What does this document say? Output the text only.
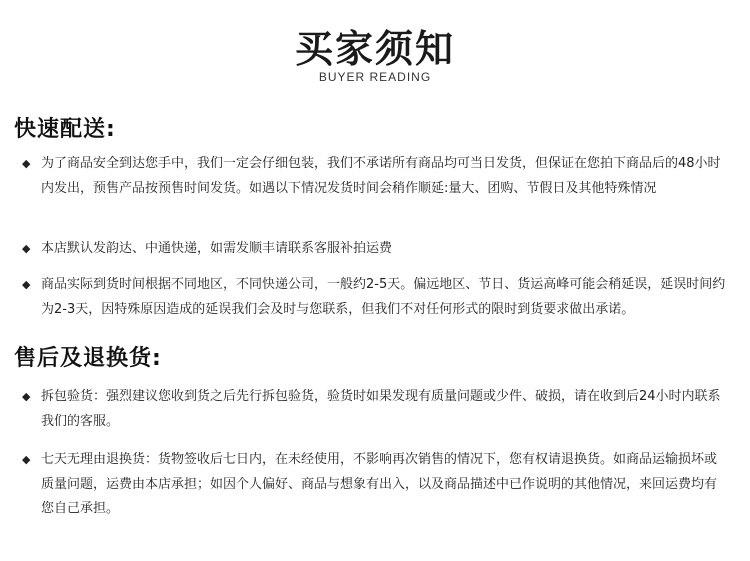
买家须知
BUYER READING
快速配送:
◆ 为了商品安全到达您手中，我们一定会仔细包装，我们不承诺所有商品均可当日发货，但保证在您拍下商品后的48小时内发出，预售产品按预售时间发货。如遇以下情况发货时间会稍作顺延:量大、团购、节假日及其他特殊情况
◆ 本店默认发韵达、中通快递，如需发顺丰请联系客服补拍运费
◆ 商品实际到货时间根据不同地区，不同快递公司，一般约2-5天。偏远地区、节日、货运高峰可能会稍延误，延误时间约为2-3天，因特殊原因造成的延误我们会及时与您联系，但我们不对任何形式的限时到货要求做出承诺。
售后及退换货:
◆ 拆包验货：强烈建议您收到货之后先行拆包验货，验货时如果发现有质量问题或少件、破损，请在收到后24小时内联系我们的客服。
◆ 七天无理由退换货：货物签收后七日内，在未经使用，不影响再次销售的情况下，您有权请退换货。如商品运输损坏或质量问题，运费由本店承担；如因个人偏好、商品与想象有出入，以及商品描述中已作说明的其他情况，来回运费均有您自己承担。
